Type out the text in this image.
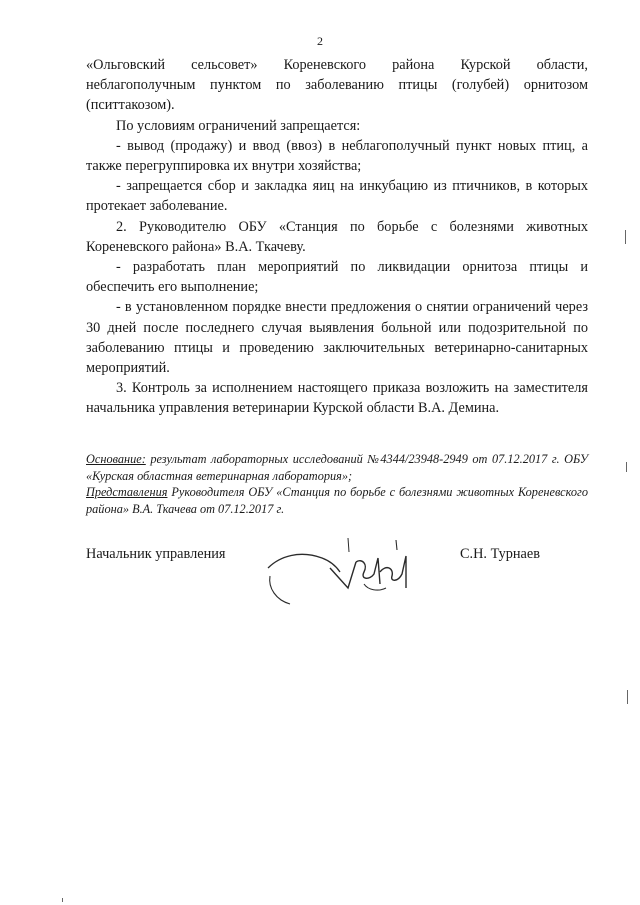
2

«Ольговский сельсовет» Кореневского района Курской области, неблагополучным пунктом по заболеванию птицы (голубей) орнитозом (пситтакозом).

По условиям ограничений запрещается:

- вывод (продажу) и ввод (ввоз) в неблагополучный пункт новых птиц, а также перегруппировка их внутри хозяйства;

- запрещается сбор и закладка яиц на инкубацию из птичников, в которых протекает заболевание.

2. Руководителю ОБУ «Станция по борьбе с болезнями животных Кореневского района» В.А. Ткачеву.

- разработать план мероприятий по ликвидации орнитоза птицы и обеспечить его выполнение;

- в установленном порядке внести предложения о снятии ограничений через 30 дней после последнего случая выявления больной или подозрительной по заболеванию птицы и проведению заключительных ветеринарно-санитарных мероприятий.

3. Контроль за исполнением настоящего приказа возложить на заместителя начальника управления ветеринарии Курской области В.А. Демина.

Основание: результат лабораторных исследований №4344/23948-2949 от 07.12.2017 г. ОБУ «Курская областная ветеринарная лаборатория»;

Представления Руководителя ОБУ «Станция по борьбе с болезнями животных Кореневского района» В.А. Ткачева от 07.12.2017 г.

Начальник управления	С.Н. Турнаев
